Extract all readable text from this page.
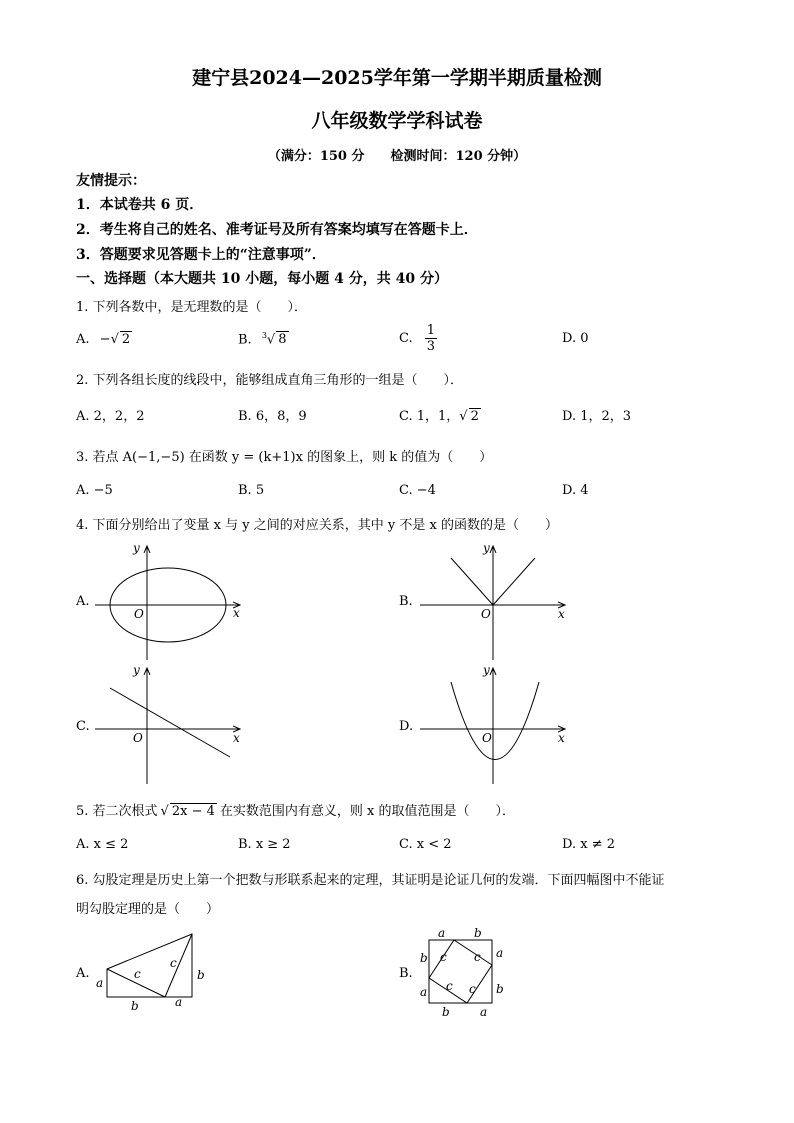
建宁县2024—2025学年第一学期半期质量检测
八年级数学学科试卷
（满分：150 分　　检测时间：120 分钟）
友情提示：
1．本试卷共 6 页．
2．考生将自己的姓名、准考证号及所有答案均填写在答题卡上．
3．答题要求见答题卡上的“注意事项”．
一、选择题（本大题共 10 小题，每小题 4 分，共 40 分）
1. 下列各数中，是无理数的是（　　）．
A. −√ 2	B. $^3$√ 8	C. $\frac{1}{3}$	D. 0
2. 下列各组长度的线段中，能够组成直角三角形的一组是（　　）．
A. 2，2，2	B. 6，8，9	C. 1，1，√ 2	D. 1，2，3
3. 若点 A(−1,−5) 在函数 y = (k+1)x 的图象上，则 k 的值为（　　）
A. −5	B. 5	C. −4	D. 4
4. 下面分别给出了变量 x 与 y 之间的对应关系，其中 y 不是 x 的函数的是（　　）
A.	B.
C.	D.
x
y
O	x
y
O
x
y
O	x
y
O
5. 若二次根式 √ 2x − 4 在实数范围内有意义，则 x 的取值范围是（　　）．
A. x ≤ 2	B. x ≥ 2	C. x < 2	D. x ≠ 2
6. 勾股定理是历史上第一个把数与形联系起来的定理，其证明是论证几何的发端．下面四幅图中不能证
明勾股定理的是（　　）
A.	B.
a
b
c
c
b
a
a b
b	a
a	b
b	a
c c
c c
